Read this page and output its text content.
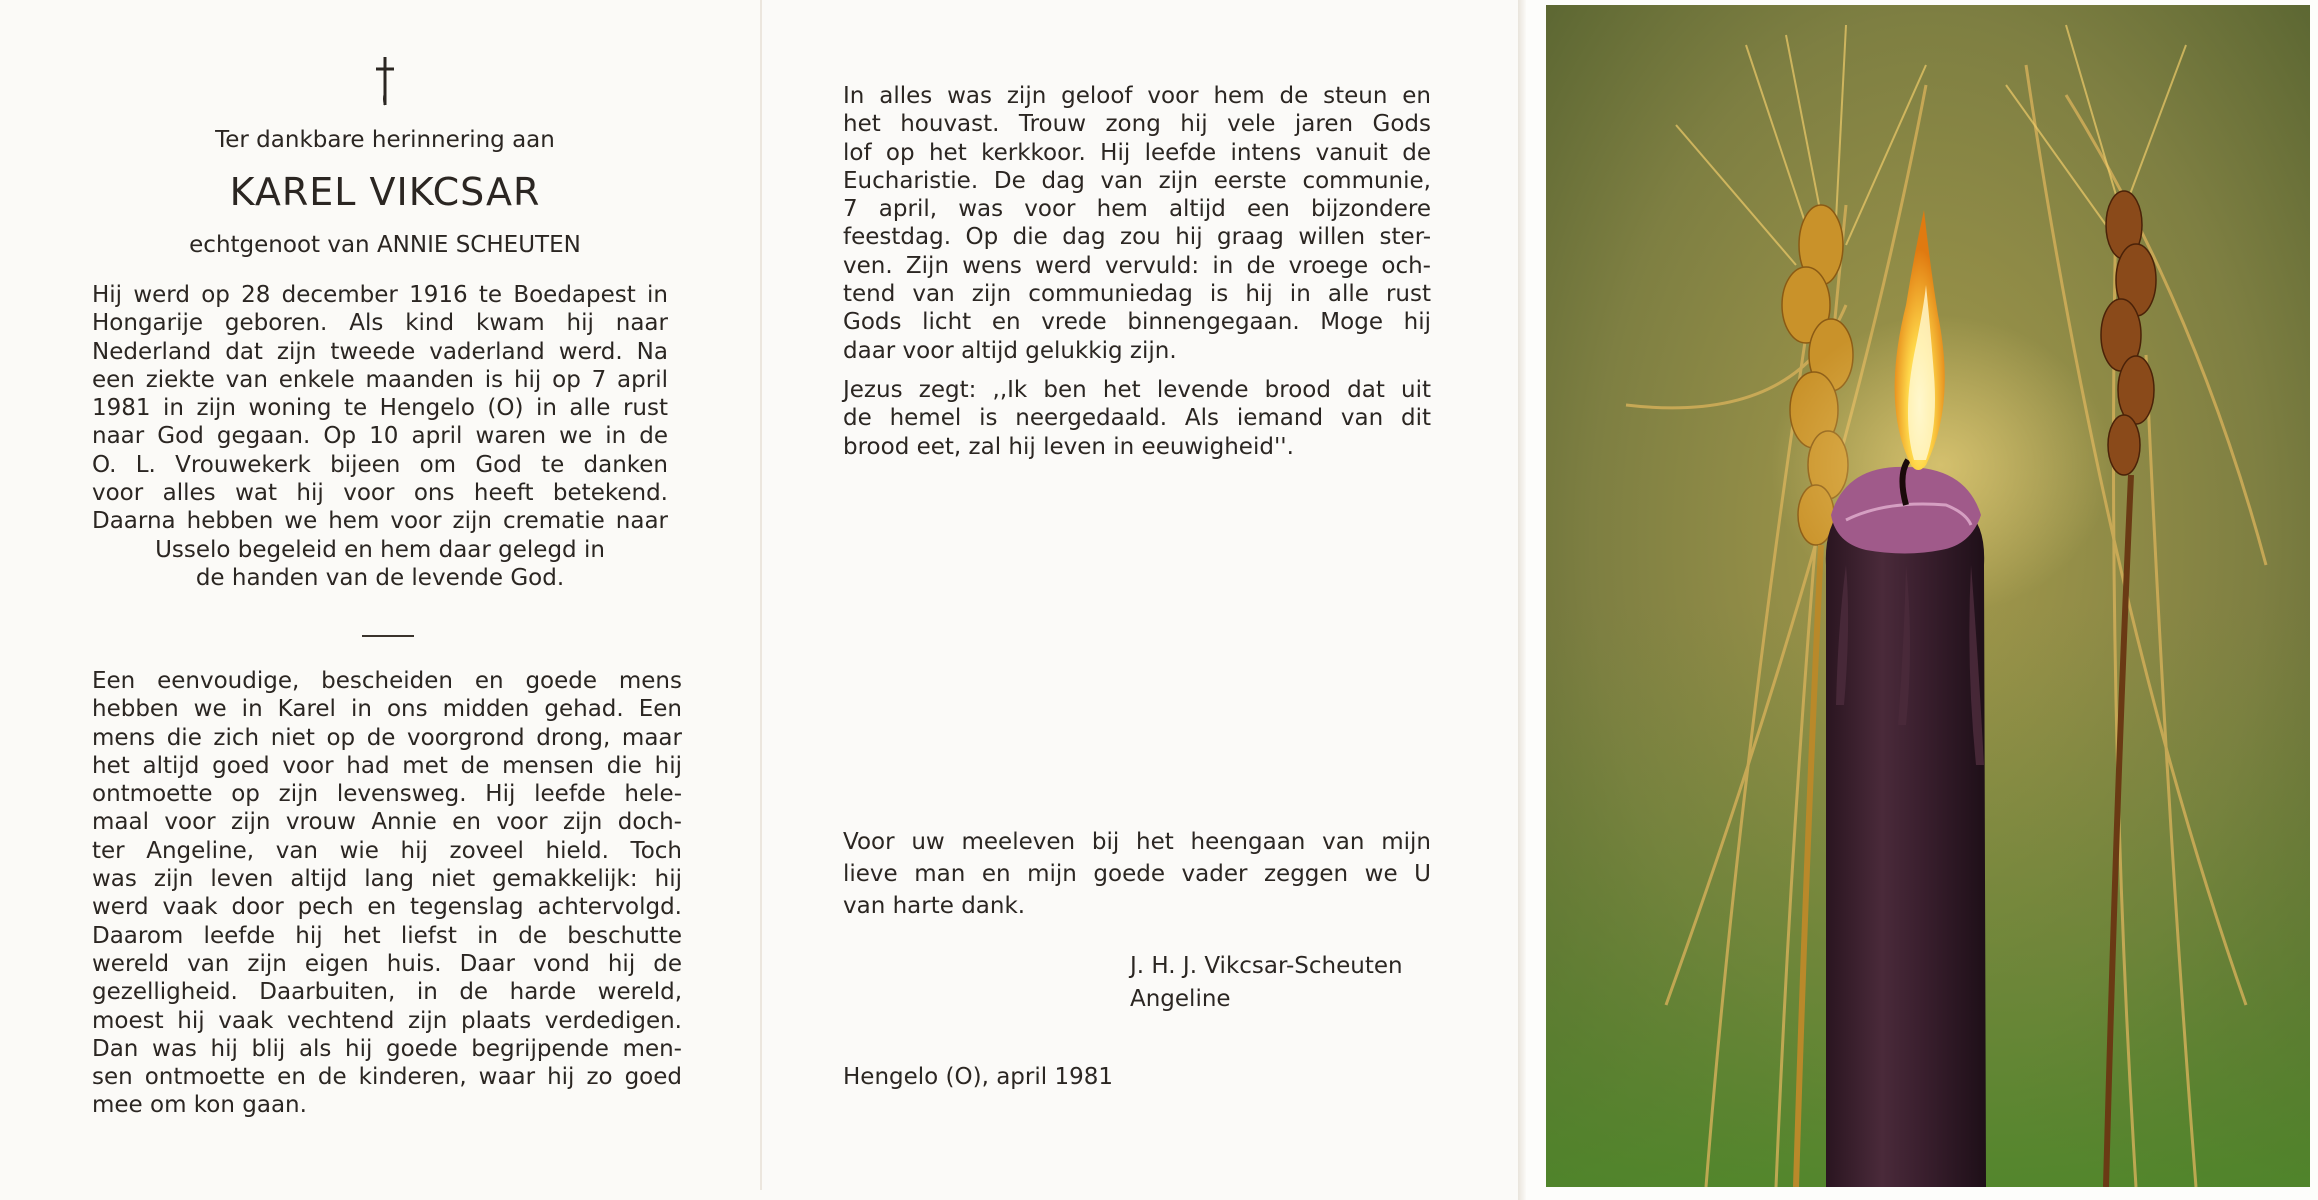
Ter dankbare herinnering aan
KAREL VIKCSAR
echtgenoot van ANNIE SCHEUTEN

Hij werd op 28 december 1916 te Boedapest in

Hongarije geboren. Als kind kwam hij naar

Nederland dat zijn tweede vaderland werd. Na

een ziekte van enkele maanden is hij op 7 april

1981 in zijn woning te Hengelo (O) in alle rust

naar God gegaan. Op 10 april waren we in de

O. L. Vrouwekerk bijeen om God te danken

voor alles wat hij voor ons heeft betekend.

Daarna hebben we hem voor zijn crematie naar

Usselo begeleid en hem daar gelegd in

de handen van de levende God.

Een eenvoudige, bescheiden en goede mens

hebben we in Karel in ons midden gehad. Een

mens die zich niet op de voorgrond drong, maar

het altijd goed voor had met de mensen die hij

ontmoette op zijn levensweg. Hij leefde hele-

maal voor zijn vrouw Annie en voor zijn doch-

ter Angeline, van wie hij zoveel hield. Toch

was zijn leven altijd lang niet gemakkelijk: hij

werd vaak door pech en tegenslag achtervolgd.

Daarom leefde hij het liefst in de beschutte

wereld van zijn eigen huis. Daar vond hij de

gezelligheid. Daarbuiten, in de harde wereld,

moest hij vaak vechtend zijn plaats verdedigen.

Dan was hij blij als hij goede begrijpende men-

sen ontmoette en de kinderen, waar hij zo goed

mee om kon gaan.

In alles was zijn geloof voor hem de steun en

het houvast. Trouw zong hij vele jaren Gods

lof op het kerkkoor. Hij leefde intens vanuit de

Eucharistie. De dag van zijn eerste communie,

7 april, was voor hem altijd een bijzondere

feestdag. Op die dag zou hij graag willen ster-

ven. Zijn wens werd vervuld: in de vroege och-

tend van zijn communiedag is hij in alle rust

Gods licht en vrede binnengegaan. Moge hij

daar voor altijd gelukkig zijn.

Jezus zegt: ,,Ik ben het levende brood dat uit

de hemel is neergedaald. Als iemand van dit

brood eet, zal hij leven in eeuwigheid''.

Voor uw meeleven bij het heengaan van mijn

lieve man en mijn goede vader zeggen we U

van harte dank.

J. H. J. Vikcsar-Scheuten

Angeline

Hengelo (O), april 1981
